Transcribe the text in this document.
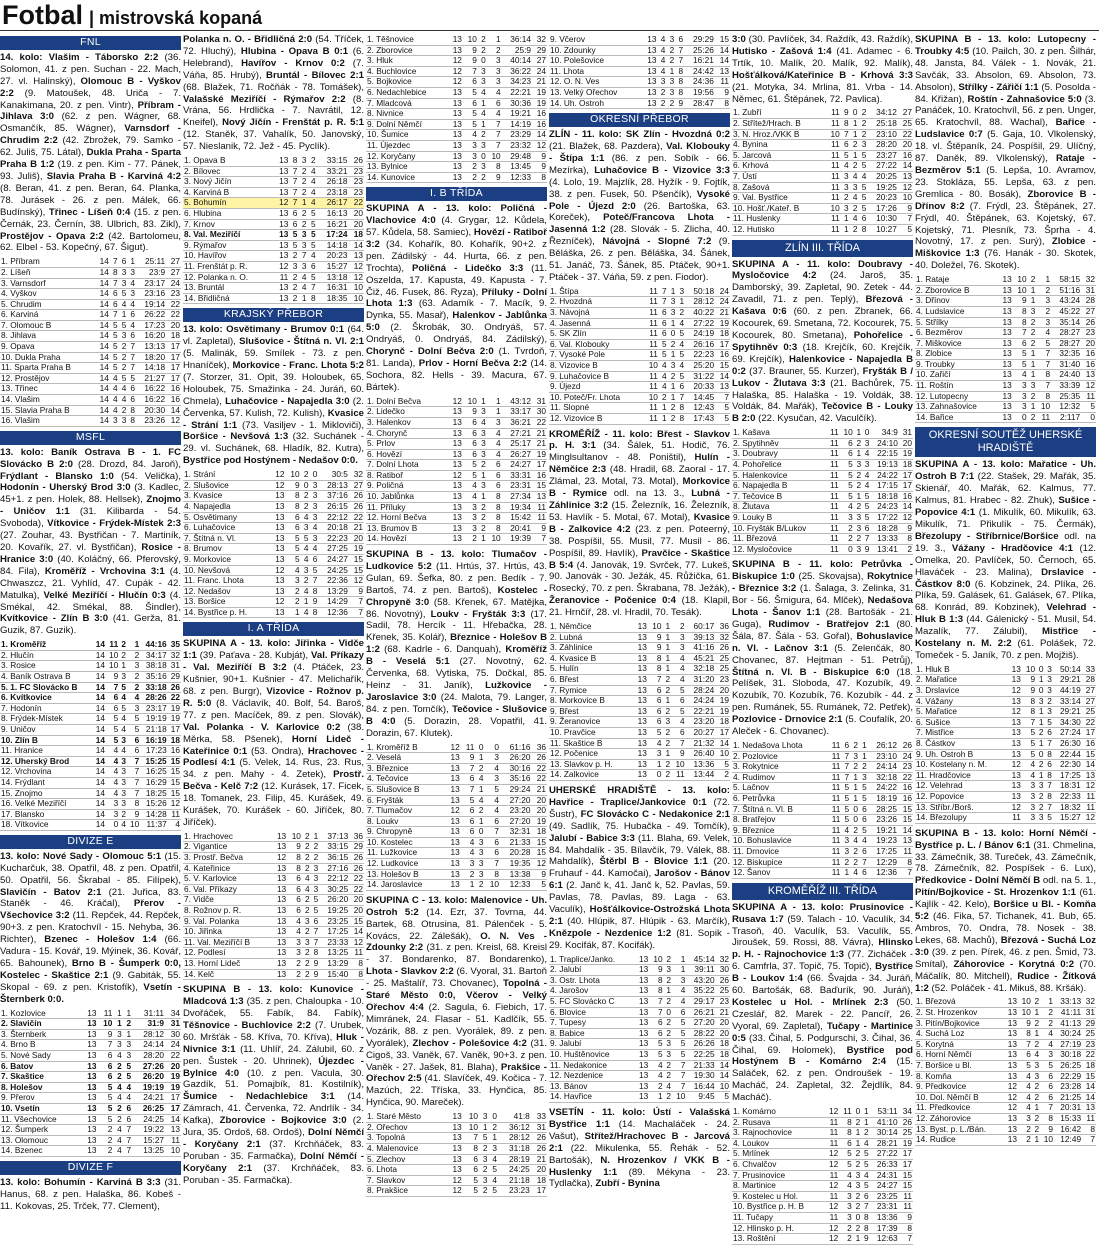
Fotbal | mistrovská kopaná
FNL

14. kolo: Vlašim - Táborsko 2:2 (36. Solomon, 41. z pen. Suchan - 22. Mach, 27. vl. Halinský), Olomouc B - Vyškov 2:2 (9. Matoušek, 48. Uriča - 7. Kanakimana, 20. z pen. Vintr), Příbram - Jihlava 3:0 (62. z pen. Wágner, 68. Osmančík, 85. Wágner), Varnsdorf - Chrudim 2:2 (42. Zbrožek, 79. Samko - 62. Juliš, 75. Látal), Dukla Praha - Sparta Praha B 1:2 (19. z pen. Kim - 77. Pánek, 93. Juliš), Slavia Praha B - Karviná 4:2 (8. Beran, 41. z pen. Beran, 64. Planka, 78. Jurásek - 26. z pen. Málek, 66. Budínský), Třinec - Líšeň 0:4 (15. z pen. Černák, 23. Černín, 38. Ulbrich, 83. Zikl), Prostějov - Opava 2:2 (42. Bartolomeu, 62. Elbel - 53. Kopečný, 67. Šigut).

1. Příbram	14	7	6	1	25:11	27
2. Líšeň	14	8	3	3	23:9	27
3. Varnsdorf	14	7	3	4	23:17	24
4. Vyškov	14	6	5	3	23:16	23
5. Chrudim	14	6	4	4	19:14	22
6. Karviná	14	7	1	6	26:22	22
7. Olomouc B	14	5	5	4	17:23	20
8. Jihlava	14	5	3	6	16:20	18
9. Opava	14	5	2	7	13:13	17
10. Dukla Praha	14	5	2	7	18:20	17
11. Sparta Praha B	14	5	2	7	14:18	17
12. Prostějov	14	4	5	5	21:27	17
13. Třinec	14	4	4	6	16:22	16
14. Vlašim	14	4	4	6	16:22	16
15. Slavia Praha B	14	4	2	8	20:30	14
16. Vlašim	14	3	3	8	23:26	12
MSFL

13. kolo: Baník Ostrava B - 1. FC Slovácko B 2:0 (28. Drozd, 84. Jaroň), Frýdlant - Blansko 1:0 (54. Velička), Hodonín - Uherský Brod 3:0 (3. Kadlec, 45+1. z pen. Holek, 88. Hellsek), Znojmo - Uničov 1:1 (31. Kilibarda - 54. Svoboda), Vítkovice - Frýdek-Místek 2:3 (27. Zouhar, 43. Bystřičan - 7. Martiník, 20. Kovařík, 27. vl. Bystřičan), Rosice - Hranice 3:0 (40. Koláčný, 66. Pferovský, 84. Fila), Kroměříž - Vrchovina 3:1 (4. Chwaszcz, 21. Vyhlíd, 47. Cupák - 42. Matulka), Velké Meziříčí - Hlučín 0:3 (4. Smékal, 42. Smékal, 88. Šindler), Kvítkovice - Zlín B 3:0 (41. Gerža, 81. Guzik, 87. Guzik).

1. Kroměříž	14	11	2	1	44:16	35
2. Hlučín	14	10	2	2	34:17	32
3. Rosice	14	10	1	3	38:18	31
4. Baník Ostrava B	14	9	3	2	35:16	29
5. 1. FC Slovácko B	14	7	5	2	33:18	26
6. Kvítkovice	14	6	4	4	28:26	22
7. Hodonín	14	6	5	3	23:17	19
8. Frýdek-Místek	14	5	4	5	19:19	19
9. Uničov	14	5	4	5	21:18	17
10. Zlín B	14	5	3	6	16:19	18
11. Hranice	14	4	4	6	17:23	16
12. Uherský Brod	14	4	3	7	15:25	15
12. Vrchovina	14	4	3	7	16:25	15
14. Frýdlant	14	4	3	7	16:29	15
15. Znojmo	14	4	3	7	18:25	15
16. Velké Meziříčí	14	3	3	8	15:26	12
17. Blansko	14	3	2	9	14:28	11
18. Vítkovice	14	0	4	10	11:37	4
DIVIZE E

13. kolo: Nové Sady - Olomouc 5:1 (15. Kucharčuk, 38. Opatřil, 48. z pen. Opatřil, 50. Opatřil, 56. Škrabal - 85. Filípek), Slavičín - Batov 2:1 (21. Juřica, 83. Staněk - 46. Kráčal), Přerov - Všechovice 3:2 (11. Repček, 44. Repček, 90+3. z pen. Kratochvíl - 15. Nehyba, 36. Richter), Bzenec - Holešov 1:4 (66. Vadura - 15. Kovář, 19. Mýinek, 36. Kovář, 65. Bahounek), Brno B - Šumperk 0:0, Kostelec - Skaštice 2:1 (9. Gabiták, 55. Skopal - 69. z pen. Kristofík), Vsetín - Šternberk 0:0.

1. Kozlovice	13	11	1	1	31:11	34
2. Slavičín	13	10	1	2	31:9	31
3. Šternberk	13	9	3	1	28:12	30
4. Brno B	13	7	3	3	24:14	24
5. Nové Sady	13	6	4	3	28:20	22
6. Batov	13	6	2	5	27:26	20
7. Skaštice	13	6	2	5	26:20	19
8. Holešov	13	5	4	4	19:19	19
9. Přerov	13	5	4	4	24:21	17
10. Vsetín	13	5	2	6	26:25	17
11. Všechovice	13	5	2	6	24:25	14
12. Šumperk	13	2	4	7	19:22	13
13. Olomouc	13	2	4	7	15:27	11
14. Bzenec	13	2	4	7	13:25	10
DIVIZE F

13. kolo: Bohumín - Karviná B 3:3 (31. Hanus, 68. z pen. Halaška, 86. Kobeš - 11. Kokovas, 25. Trček, 77. Clement),

Polanka n. O. - Břidličná 2:0 (54. Tříček, 72. Hluchý), Hlubina - Opava B 0:1 (6. Helebrand), Havířov - Krnov 0:2 (7. Váňa, 85. Hrubý), Bruntál - Bílovec 2:1 (68. Blažek, 71. Ročňák - 78. Tomášek), Valašské Meziříčí - Rýmařov 2:2 (8. Vrána, 56. Hrdlička - 7. Navrátil, 12. Kneifel), Nový Jičín - Frenštát p. R. 5:1 (12. Staněk, 37. Vahalík, 50. Janovský, 57. Nieslanik, 72. Jež - 45. Pyclík).

1. Opava B	13	8	3	2	33:15	26
2. Bílovec	13	7	2	4	33:21	23
3. Nový Jičín	13	7	2	4	26:18	23
4. Karviná B	13	7	2	4	23:18	23
5. Bohumín	12	7	1	4	26:17	22
6. Hlubina	13	6	2	5	16:13	20
7. Krnov	13	6	2	5	16:21	20
8. Val. Meziříčí	13	5	3	5	17:24	18
9. Rýmařov	13	5	3	5	14:18	14
10. Havířov	13	2	7	4	20:23	13
11. Frenštát p. R.	12	3	3	6	15:27	12
12. Polanka n. O.	11	2	4	5	13:18	12
13. Bruntál	13	2	4	7	16:31	10
14. Břidličná	13	2	1	8	18:35	10
KRAJSKÝ PŘEBOR

13. kolo: Osvětimany - Brumov 0:1 (64. vl. Zapletal), Slušovice - Štítná n. Vl. 2:1 (5. Malinák, 59. Smílek - 73. z pen. Hnaníček), Morkovice - Franc. Lhota 5:2 (7. Storzer, 31. Opit, 39. Holoubek, 65. Holoubek, 75. Smažinka - 24. Juráň, 60. Chmela), Luhačovice - Napajedla 3:0 (2. Červenka, 57. Kulish, 72. Kulish), Kvasice - Strání 1:1 (73. Vasiljev - 1. Mikloviči), Boršice - Nevšová 1:3 (32. Suchánek - 29. vl. Suchánek, 68. Hladík, 82. Kutra), Bystřice pod Hostýnem - Nedašov 0:0.

1. Strání	12	10	2	0	30:5	32
2. Slušovice	12	9	0	3	28:13	27
3. Kvasice	13	8	2	3	37:16	26
4. Napajedla	13	8	2	3	26:15	26
5. Osvětimany	13	6	4	3	22:12	22
6. Luhačovice	13	6	3	4	20:18	21
7. Štítná n. Vl.	13	5	5	3	22:23	20
8. Brumov	13	5	4	4	27:25	19
9. Morkovice	13	5	4	6	24:27	15
10. Nevšová	12	4	3	5	24:25	15
11. Franc. Lhota	13	3	2	7	22:36	12
12. Nedašov	13	2	4	8	13:29	9
13. Boršice	12	2	1	9	14:29	7
14. Bystřice p. H.	13	1	4	8	12:36	7
I. A TŘÍDA

SKUPINA A - 13. kolo: Jiřinka - Vidče 1:1 (39. Paťava - 28. Kubját), Val. Příkazy - Val. Meziříčí B 3:2 (4. Ptáček, 23. Kušnier, 90+1. Kušnier - 47. Melichařík, 68. z pen. Burgr), Vizovice - Rožnov p. R. 5:0 (8. Václavík, 40. Bolf, 54. Baroš, 77. z pen. Macíček, 89. z pen. Slovák), Val. Polanka - V. Karlovice 0:2 (38. Měrka, 58. Pšenek), Horní Lideč - Kateřinice 0:1 (53. Ondra), Hrachovec - Podlesí 4:1 (5. Velek, 14. Rus, 23. Rus, 34. z pen. Mahy - 4. Zetek), Prostř. Bečva - Kelč 7:2 (12. Kurásek, 17. Ficek, 18. Tomanek, 23. Filip, 45. Kurášek, 49. Kurášek, 70. Kurášek - 60. Jiříček, 80. Jiříček).

1. Hrachovec	13	10	2	1	37:13	36
2. Vigantice	13	9	2	2	33:15	29
3. Prostř. Bečva	12	8	2	2	36:15	26
4. Kateřinice	13	8	2	3	27:16	26
5. V. Karlovice	13	6	4	3	22:12	22
6. Val. Příkazy	13	6	4	3	30:25	22
7. Vidče	13	6	2	5	26:20	20
8. Rožnov p. R.	13	6	2	5	19:25	20
9. Val. Polanka	13	4	3	6	23:25	15
10. Jiřinka	13	4	2	7	17:25	14
11. Val. Meziříčí B	13	3	3	7	23:33	12
12. Podlesí	13	3	2	8	13:25	11
13. Horní Lideč	13	2	2	9	13:29	8
14. Kelč	13	2	2	9	15:40	8

SKUPINA B - 13. kolo: Kunovice - Mladcová 1:3 (35. z pen. Chaloupka - 10. Dvořáček, 55. Fabík, 84. Fabík), Těšnovice - Buchlovice 2:2 (7. Urubek, 60. Mršťák - 58. Kříva, 70. Kříva), Hluk - Nivnice 3:1 (11. Uhlíř, 24. Zálubil, 60. z pen. Šustek - 20. Uhrinek), Újezdec - Bylnice 4:0 (10. z pen. Vacula, 30. Gazdík, 51. Pomajbík, 81. Kostilník), Šumice - Nedachlebice 3:1 (14. Zámrach, 41. Červenka, 72. Andrlík - 34. Kafka), Zborovice - Bojkovice 3:0 (2. Jura, 35. Ordoš, 68. Ordoš), Dolní Němčí - Koryčany 2:1 (37. Krchňáček, 83. Poruban - 35. Farmačka), Dolní Němčí - Koryčany 2:1 (37. Krchňáček, 83. Poruban - 35. Farmačka).

1. Těšnovice	13	10	2	1	36:14	32
2. Zborovice	13	9	2	2	25:9	29
3. Hluk	12	9	0	3	40:14	27
4. Buchlovice	12	7	3	3	36:22	24
5. Bojkovice	12	6	3	3	34:23	21
6. Nedachlebice	13	5	4	4	22:21	19
7. Mladcová	13	6	1	6	30:36	19
8. Nivnice	13	5	4	4	19:21	16
9. Dolní Němčí	13	5	1	7	14:19	16
10. Šumice	13	4	2	7	23:29	14
11. Újezdec	13	3	3	7	23:32	12
12. Koryčany	13	3	0	10	29:48	9
13. Bylnice	13	2	3	8	13:45	9
14. Kunovice	13	2	2	9	12:33	8
I. B TŘÍDA

SKUPINA A - 13. kolo: Poličná - Vlachovice 4:0 (4. Grygar, 12. Kůdela, 57. Kůdela, 58. Samiec), Hovězí - Ratiboř 3:2 (34. Kohařík, 80. Kohařík, 90+2. z pen. Zádilský - 44. Hurta, 66. z pen. Trochta), Poličná - Lidečko 3:3 (11. Oszelda, 17. Kapusta, 49. Kapusta - 7. Čiž, 46. Fusek, 86. Ryza), Příluky - Dolní Lhota 1:3 (63. Adamík - 7. Macík, 9. Dynka, 55. Masař), Halenkov - Jablůnka 5:0 (2. Škrobák, 30. Ondryáš, 57. Ondryáš, 0. Ondryáš, 84. Zádilský), Chorynč - Dolní Bečva 2:0 (1. Tvrdoň, 81. Landa), Prlov - Horní Bečva 2:2 (14. Sochora, 82. Hells - 39. Macura, 67. Bártek).

1. Dolní Bečva	12	10	1	1	43:12	31
2. Lidečko	13	9	3	1	33:17	30
3. Halenkov	13	6	4	3	36:21	22
4. Chorynč	13	6	3	4	27:21	21
5. Prlov	13	6	3	4	25:17	21
6. Hovězí	13	6	3	4	26:27	19
7. Dolní Lhota	13	5	2	6	24:27	17
8. Ratiboř	12	5	1	6	33:31	16
9. Poličná	13	4	3	6	23:31	15
10. Jablůnka	13	4	1	8	27:34	13
11. Příluky	13	3	2	8	19:34	11
12. Horní Bečva	13	3	2	8	15:42	11
13. Brumov B	13	3	2	8	20:41	9
14. Hovězí	13	2	1	10	19:39	7

SKUPINA B - 13. kolo: Tlumačov - Ludkovice 5:2 (11. Hrtús, 37. Hrtús, 43. Gulan, 69. Šefka, 80. z pen. Bedík - 7. Bartoš, 74. z pen. Bartoš), Kostelec - Chropyně 3:0 (58. Křenek, 67. Matějka, 86. Novotný), Loukv - Fryšták 3:3 (17. Sadil, 78. Hercík - 11. Hřebačka, 28. Křenek, 35. Kolář), Březnice - Holešov B 1:2 (68. Kadrle - 6. Danquah), Kroměříž B - Veselá 5:1 (27. Novotný, 62. Červenka, 68. Vytiska, 75. Dočkal, 85. Heinz - 31. Janík), Lužkovice - Jaroslavice 3:0 (24. Malota, 79. Langer, 84. z pen. Tomčík), Tečovice - Slušovice B 4:0 (5. Dorazin, 28. Vopatřil, 41. Dorazin, 67. Klutek).

1. Kroměříž B	12	11	0	0	61:16	36
2. Veselá	13	9	1	3	26:20	26
3. Březnice	13	7	2	4	30:16	22
4. Tečovice	13	6	4	3	35:16	22
5. Slušovice B	13	7	1	5	29:24	21
6. Fryšták	13	5	4	4	27:20	20
7. Tlumačov	12	6	2	4	23:20	20
8. Loukv	13	6	1	6	27:20	19
9. Chropyně	13	6	0	7	32:31	18
10. Kostelec	13	4	3	6	21:33	15
11. Lužkovice	13	4	3	6	20:28	15
12. Ludkovice	13	3	3	7	19:35	12
13. Holešov B	13	2	3	8	13:38	9
14. Jaroslavice	13	1	2	10	12:33	5

SKUPINA C - 13. kolo: Malenovice - Uh. Ostroh 5:2 (14. Ezr, 37. Tovrna, 44. Bartek, 68. Otrusina, 81. Pálenček - 5. Kovács, 22. Zálešák), O. N. Ves - Zdounky 2:2 (31. z pen. Kreisl, 68. Kreisl - 37. Bondarenko, 87. Bondarenko), Lhota - Slavkov 2:2 (6. Vyoral, 31. Bartoň - 25. Maštalíř, 73. Chovanec), Topolná - Staré Město 0:0, Včerov - Velký Ořechov 4:4 (2. Sagula, 6. Fiebich, 17. Mimránek, 24. Flasar - 51. Kadlčík, 55. Vozárik, 88. z pen. Vyorálek, 89. z pen. Vyorálek), Zlechov - Polešovice 4:2 (31. Cigoš, 33. Vaněk, 67. Vaněk, 90+3. z pen. Vaněk - 27. Jašek, 81. Blaha), Prakšice - Ořechov 2:5 (41. Slavíček, 49. Kočica - 7. Mazúch, 22. Tříska, 33. Hynčica, 85. Hynčica, 90. Mareček).

1. Staré Město	13	10	3	0	41:8	33
2. Ořechov	13	10	1	2	36:12	31
3. Topolná	13	7	5	1	28:12	26
4. Malenovice	13	8	2	3	31:18	26
5. Zlechov	13	6	3	4	28:19	21
6. Lhota	13	6	2	5	24:25	20
7. Slavkov	12	5	3	4	21:18	18
8. Prakšice	12	5	2	5	23:23	17
9. Včerov	13	4	3	6	29:29	15
10. Zdounky	13	4	2	7	25:26	14
10. Polešovice	13	4	2	7	16:21	14
11. Lhota	13	4	1	8	24:42	13
12. O. N. Ves	13	3	3	8	24:36	11
13. Velký Ořechov	13	2	3	8	19:56	9
14. Uh. Ostroh	13	2	2	9	28:47	8
OKRESNÍ PŘEBOR

ZLÍN - 11. kolo: SK Zlín - Hvozdná 0:2 (21. Blažek, 68. Pazdera), Val. Klobouky - Štípa 1:1 (86. z pen. Sobík - 66. Mezírka), Luhačovice B - Vizovice 3:3 (4. Lolo, 19. Majzlík, 28. Hyžík - 9. Fojtík, 38. z pen. Fusek, 50. Pšenčík), Vysoké Pole - Újezd 2:0 (26. Bartoška, 63. Koreček), Poteč/Francova Lhota - Jasenná 1:2 (28. Slovák - 5. Zlicha, 40. Řezníček), Návojná - Slopné 7:2 (9. Běláška, 26. z pen. Běláška, 34. Šánek, 51. Janáč, 73. Šánek, 85. Ptáček, 90+1. Ptáček - 37. Váňa, 59. z pen. Fiodor).

1. Štípa	11	7	1	3	50:18	24
2. Hvozdná	11	7	3	1	28:12	24
3. Návojná	11	6	3	2	40:22	21
4. Jasenná	11	6	1	4	27:22	19
5. SK Zlín	11	6	0	5	24:19	18
6. Val. Klobouky	11	5	2	4	26:16	17
7. Vysoké Pole	11	5	1	5	22:23	16
8. Vizovice B	10	4	3	4	25:20	15
9. Luhačovice B	11	4	2	5	31:22	14
9. Újezd	11	4	1	6	20:33	13
10. Poteč/Fr. Lhota	10	2	1	7	14:45	7
11. Slopné	11	1	2	8	12:43	5
12. Vizovice B	11	1	2	8	17:43	5

KROMĚŘÍŽ - 11. kolo: Břest - Slavkov p. H. 3:1 (34. Šálek, 51. Hodič, 76. Minglsultanov - 48. Poništil), Hulín - Němčice 2:3 (48. Hradil, 68. Zaoral - 17. Zlámal, 23. Motal, 73. Motal), Morkovice B - Rymice odl. na 13. 3., Lubná - Záhlinice 3:2 (15. Železník, 16. Železník, 53. Havlík - 5. Motal, 67. Motal), Kvasice B - Zalkovice 4:2 (23. z pen. Poteerný, 38. Pospíšil, 55. Musil, 77. Musil - 86. Pospíšil, 89. Havlík), Pravčice - Skaštice B 5:4 (4. Janovák, 19. Svrček, 77. Lukeš, 90. Janovák - 30. Ježák, 45. Růžička, 61. Rosecký, 70. z pen. Škrabana, 78. Ježák), Žeranovice - Počenice 0:4 (18. Klapil, 21. Hrnčíř, 28. vl. Hradil, 70. Tesák).

1. Němčice	13	10	1	2	60:17	36
2. Lubná	13	9	1	3	39:13	32
3. Záhlinice	13	9	1	3	41:16	26
4. Kvasice B	13	8	1	4	45:21	25
5. Hulín	13	8	1	4	32:18	25
6. Břest	13	7	2	4	31:20	23
7. Rymice	13	6	2	5	28:24	20
8. Morkovice B	13	6	1	6	24:24	19
9. Břest	13	6	2	5	22:21	19
9. Žeranovice	13	6	3	4	23:20	18
10. Pravčice	13	5	2	6	20:27	17
11. Skaštice B	13	4	2	7	21:32	14
12. Počenice	13	3	1	9	26:40	10
13. Slavkov p. H.	13	1	2	10	13:36	5
14. Zalkovice	13	0	2	11	13:44	2

UHERSKÉ HRADIŠTĚ - 13. kolo: Havřice - Traplice/Jankovice 0:1 (72. Šustr), FC Slovácko C - Nedakonice 2:1 (49. Sadlík, 75. Hubačka - 49. Tomčík), Jalubí - Babice 3:3 (11. Blaha, 69. Velek, 84. Mahdalík - 35. Bílavčík, 79. Válek, 88. Mahdalík), Štěrbl B - Blovice 1:1 (20. Fruhauf - 44. Kamočai), Jarošov - Bánov 6:1 (2. Janč k, 41. Janč k, 52. Pavlas, 59. Pavlas, 78. Pavlas, 89. Laga - 63. Vaculík), Hošťálkovice-Ostrožská Lhota 2:1 (40. Hlúpik, 87. Hlúpik - 63. Marčík), Knězpole - Nezdenice 1:2 (81. Sopik - 29. Kocifák, 87. Kocifák).

1. Traplice/Janko.	13	10	2	1	45:14	32
2. Jalubí	13	9	3	1	39:11	30
3. Ostr. Lhota	13	8	2	3	43:20	26
4. Jarošov	13	8	1	4	35:22	25
5. FC Slovácko C	13	7	2	4	29:17	23
6. Blovice	13	7	0	6	26:21	21
7. Tupesy	13	6	2	5	27:20	20
8. Babice	13	6	2	5	28:22	20
9. Jalubí	13	5	3	5	26:26	18
10. Huštěnovice	13	5	3	5	22:25	18
11. Nedakonice	13	4	2	7	21:33	14
12. Nezdenice	13	4	2	7	19:30	14
13. Bánov	13	2	4	7	16:44	10
14. Havřice	13	1	2	10	9:45	5

VSETÍN - 11. kolo: Ústí - Valašská Bystřice 1:1 (14. Machaláček - 24. Vašut), Střítež/Hrachovec B - Jarcová 2:1 (22. Mikulenka, 55. Řehák - 52. Bartošák), N. Hrozenkov / VKK B - Huslenky 1:1 (89. Mékyna - 23. Tydlačka), Zubří - Bynina

3:0 (30. Pavlíček, 34. Raždík, 43. Raždík), Hutisko - Zašová 1:4 (41. Adamec - 6. Trtík, 10. Malík, 20. Malík, 92. Malík), Hošťálková/Kateřinice B - Krhová 3:3 (21. Motyka, 34. Mrlina, 81. Vrba - 14. Němec, 61. Štěpánek, 72. Pavlica).

1. Zubří	11	9	0	2	34:12	27
2. Střítež/Hrach. B	11	8	1	2	25:18	25
3. N. Hroz./VKK B	10	7	1	2	23:10	22
4. Bynina	11	6	2	3	28:20	20
5. Jarcová	11	5	1	5	23:27	16
6. Krhová	11	4	2	5	27:22	14
7. Ústí	11	3	4	4	20:25	13
8. Zašová	11	3	3	5	19:25	12
9. Val. Bystřice	11	2	4	5	20:23	10
10. Hošť./Kateř. B	10	3	2	5	17:26	9
11. Huslenky	11	1	4	6	10:30	7
12. Hutisko	11	1	2	8	10:27	5
ZLÍN III. TŘÍDA

SKUPINA A - 11. kolo: Doubravy - Mysločovice 4:2 (24. Jaroš, 35. Damborský, 39. Zapletal, 90. Zetek - 44. Zavadil, 71. z pen. Teplý), Březová - Kašava 0:6 (60. z pen. Zbranek, 66. Kocourek, 69. Smetana, 72. Kocourek, 75. Kocourek, 80. Smetana), Pohořelice - Spytihněv 0:3 (18. Krejčík, 60. Krejčík, 69. Krejčík), Halenkovice - Napajedla B 0:2 (37. Brauner, 55. Kurzer), Fryšták B / Lukov - Žlutava 3:3 (21. Bachůrek, 75. Halaška, 85. Halaška - 19. Voldák, 38. Voldák, 84. Mařák), Tečovice B - Louky B 2:0 (22. Kysučan, 42. Vaculčík).

1. Kašava	11	10	1	0	34:9	31
2. Spytihněv	11	6	2	3	24:10	20
3. Doubravy	11	6	1	4	22:15	19
4. Pohořelice	11	5	3	3	19:13	18
5. Halenkovice	11	5	2	4	24:22	17
6. Napajedla B	11	5	2	4	17:15	17
7. Tečovice B	11	5	1	5	18:18	16
8. Žlutava	11	4	2	5	24:23	14
9. Louky B	11	3	3	5	17:22	12
10. Fryšták B/Lukov	11	2	3	6	18:28	9
11. Březová	11	2	2	7	13:33	8
12. Mysločovice	11	0	3	9	13:41	2

SKUPINA B - 11. kolo: Petrůvka - Biskupice 1:0 (25. Skovajsa), Rokytnice - Březnice 3:2 (1. Šalaga, 3. Zelinka, 31. Bor - 56. Šmigura, 64. Mlček), Nedašova Lhota - Šanov 1:1 (28. Bartošák - 21. Guga), Rudimov - Bratřejov 2:1 (80. Šála, 87. Šála - 53. Gořal), Bohuslavice n. Vl. - Lačnov 3:1 (5. Zelenčák, 80. Chovanec, 87. Hejtman - 51. Petrůj), Štítná n. Vl. B - Biskupice 6:0 (18. Pelíšek, 31. Sloboda, 47. Kozubík, 49. Kozubík, 70. Kozubík, 76. Kozubík - 44. z pen. Rumánek, 55. Rumánek, 72. Petřek), Pozlovice - Drnovice 2:1 (5. Coufalík, 20. Aleček - 6. Chovanec).

1. Nedašova Lhota	11	6	2	1	26:12	26
2. Pozlovice	11	7	3	1	23:10	24
3. Rokytnice	11	7	2	2	24:14	23
4. Rudimov	11	7	1	3	32:18	22
5. Lačnov	11	5	1	5	24:22	16
6. Petrůvka	11	5	1	5	18:19	16
7. Štítná n. Vl. B	11	5	0	6	28:25	15
8. Bratřejov	11	5	0	6	23:26	15
9. Březnice	11	4	2	5	19:21	14
10. Bohuslavice	11	3	4	4	19:23	13
11. Drnovice	11	3	2	6	17:25	11
12. Biskupice	11	2	2	7	12:29	8
12. Šanov	11	1	4	6	12:36	7
KROMĚŘÍŽ III. TŘÍDA

SKUPINA A - 13. kolo: Prusinovice - Rusava 1:7 (59. Talach - 10. Vaculík, 34. Trasoň, 40. Vaculík, 53. Vaculík, 55. Jiroušek, 59. Rossi, 88. Vávra), Hlinsko p. H. - Rajnochovice 1:3 (77. Zicháček - 6. Camfrla, 37. Topič, 75. Topič), Bystřice B - Loukov 1:4 (66. Švajda - 34. Juráň, 60. Bartošák, 68. Baďurík, 90. Juráň), Kostelec u Hol. - Mrlínek 2:3 (50. Czeslář, 82. Marek - 22. Pancíř, 26. Vyoral, 69. Zapletal), Tučapy - Martinice 0:5 (33. Čihal, 5. Podgurschi, 3. Čihal, 36. Čihal, 69. Holomek), Bystřice pod Hostýnem B - Komárno 2:4 (15. Saláček, 62. z pen. Ondroušek - 19. Macháč, 24. Zapletal, 32. Žejdlík, 84. Macháč).

1. Komárno	12	11	0	1	53:11	34
2. Rusava	11	8	2	1	41:10	26
3. Rajnochovice	11	8	1	2	30:14	25
4. Loukov	11	6	1	4	28:21	19
5. Mrlínek	12	5	2	5	27:22	17
6. Chvalčov	12	5	2	5	26:33	17
7. Prusinovice	11	4	3	4	24:31	15
8. Martinice	12	4	3	5	24:27	15
9. Kostelec u Hol.	11	3	2	6	23:25	11
10. Bystřice p. H. B	12	3	2	7	23:31	11
11. Tučapy	11	3	0	8	13:36	9
12. Hlinsko p. H.	12	2	2	8	17:39	8
13. Roštění	12	2	1	9	12:63	7

SKUPINA B - 13. kolo: Lutopecny - Troubky 4:5 (10. Pailch, 30. z pen. Šilhár, 48. Jansta, 84. Válek - 1. Novák, 21. Savčák, 33. Absolon, 69. Absolon, 73. Absolon), Střílky - Zářičí 1:1 (5. Posolda - 84. Křižan), Roštín - Zahnašovice 5:0 (3. Panáček, 10. Kratochvíl, 56. z pen. Unger, 65. Kratochvíl, 88. Wachal), Bařice - Ludslavice 0:7 (5. Gaja, 10. Vlkolenský, 18. vl. Štěpaník, 24. Pospíšil, 29. Ulíčný, 87. Daněk, 89. Vlkolenský), Rataje - Bezměrov 5:1 (5. Lepša, 10. Avramov, 23. Stokláza, 55. Lepša, 63. z pen. Gremlica - 80. Bosák), Zborovice B - Dřínov 8:2 (7. Frýdl, 23. Štěpánek, 27. Frýdl, 40. Štěpánek, 63. Kojetský, 67. Kojetský, 71. Plesník, 73. Šprha - 4. Novotný, 17. z pen. Surý), Zlobice - Miškovice 1:3 (76. Hanák - 30. Skotek, 40. Doležel, 76. Skotek).

1. Rataje	13	10	2	1	58:15	32
2. Zborovice B	13	10	1	2	51:16	31
3. Dřínov	13	9	1	3	43:24	28
4. Ludslavice	13	8	3	2	45:22	27
5. Střílky	13	8	2	3	35:14	26
6. Bezměrov	13	7	2	4	28:27	23
7. Miškovice	13	6	2	5	28:27	20
8. Zlobice	13	5	1	7	32:35	16
9. Troubky	13	5	1	7	31:40	16
10. Zařičí	13	4	1	8	24:40	13
11. Roštín	13	3	3	7	33:39	12
12. Lutopecny	13	3	2	8	25:35	11
13. Zahnašovice	13	3	1	10	12:32	5
14. Bařice	13	0	2	11	2:117	0
OKRESNÍ SOUTĚŽ UHERSKÉ HRADIŠTĚ

SKUPINA A - 13. kolo: Mařatice - Uh. Ostroh B 7:1 (22. Stašek, 29. Mařák, 35. Skienář, 40. Mařák, 62. Kalmus, 77. Kalmus, 81. Hrabec - 82. Zhuk), Sušice - Popovice 4:1 (1. Mikulík, 60. Mikulík, 63. Mikulík, 71. Přikulík - 75. Čermák), Březolupy - Stříbrnice/Boršice odl. na 19. 3., Vážany - Hradčovice 4:1 (12. Omelka, 20. Pavlíček, 50. Černoch, 65. Hlaváček - 23. Malina), Drslavice - Částkov 8:0 (6. Kobzinek, 24. Plíka, 26. Plíka, 59. Galásek, 61. Galásek, 67. Plíka, 68. Konrád, 89. Kobzinek), Velehrad - Hluk B 1:3 (44. Gálenický - 51. Musil, 54. Mazalík, 77. Zálubil), Mistřice - Kostelany n. M. 2:2 (61. Polášek, 72. Tomeček - 5. Janík, 70. z pen. Mojžiš).

1. Hluk B	13	10	0	3	50:14	33
2. Mařatice	13	9	1	3	29:21	28
3. Drslavice	12	9	0	3	44:19	27
4. Vážany	13	8	3	2	33:14	27
5. Mařatice	12	8	1	3	29:21	25
6. Sušice	13	7	1	5	34:30	22
7. Mistřice	13	5	2	6	27:24	17
8. Částkov	13	5	1	7	26:30	16
9. Uh. Ostroh B	13	5	0	8	22:44	15
10. Kostelany n. M.	12	4	2	6	22:30	14
11. Hradčovice	13	4	1	8	17:25	13
12. Velehrad	13	3	3	7	18:31	12
12. Popovice	13	3	2	8	22:33	11
13. Stříbr./Borš.	12	3	2	7	18:32	11
14. Březolupy	11	3	3	5	15:27	12

SKUPINA B - 13. kolo: Horní Němčí - Bystřice p. L. / Bánov 6:1 (31. Chmelina, 33. Zámečník, 38. Tureček, 43. Zámečník, 78. Zámečník, 82. Pospíšek - 6. Lux), Předkovice - Dolní Němčí B odl. na 5. 1., Pitín/Bojkovice - St. Hrozenkov 1:1 (61. Kajlík - 42. Kelo), Boršice u Bl. - Komňa 5:2 (46. Fika, 57. Tichanek, 41. Bub, 65. Ambros, 70. Ondra, 78. Nosek - 38. Lekes, 68. Machů), Březová - Suchá Loz 3:0 (39. z pen. Pírek, 46. z pen. Šmid, 73. Smítal), Záhorovice - Korytná 0:2 (70. Máčalík, 80. Mitchell), Rudice - Žítková 1:2 (52. Poláček - 41. Mikuš, 88. Kršák).

1. Březová	13	10	2	1	33:13	32
2. St. Hrozenkov	13	10	1	2	41:11	31
3. Pitín/Bojkovice	13	9	2	2	41:13	29
4. Suchá Loz	13	8	1	4	30:24	25
5. Korytná	13	7	2	4	27:19	23
6. Horní Němčí	13	6	4	3	30:18	22
7. Boršice u Bl.	13	5	3	5	26:25	18
8. Komňa	13	4	3	6	22:29	15
9. Předkovice	12	4	2	6	23:28	14
10. Dol. Němčí B	12	4	2	6	21:25	14
11. Předkovice	12	4	1	7	20:31	13
12. Záhorovice	13	3	2	8	15:33	11
13. Byst. p. L./Bán.	13	2	2	9	16:42	8
14. Rudice	13	2	1	10	12:49	7
